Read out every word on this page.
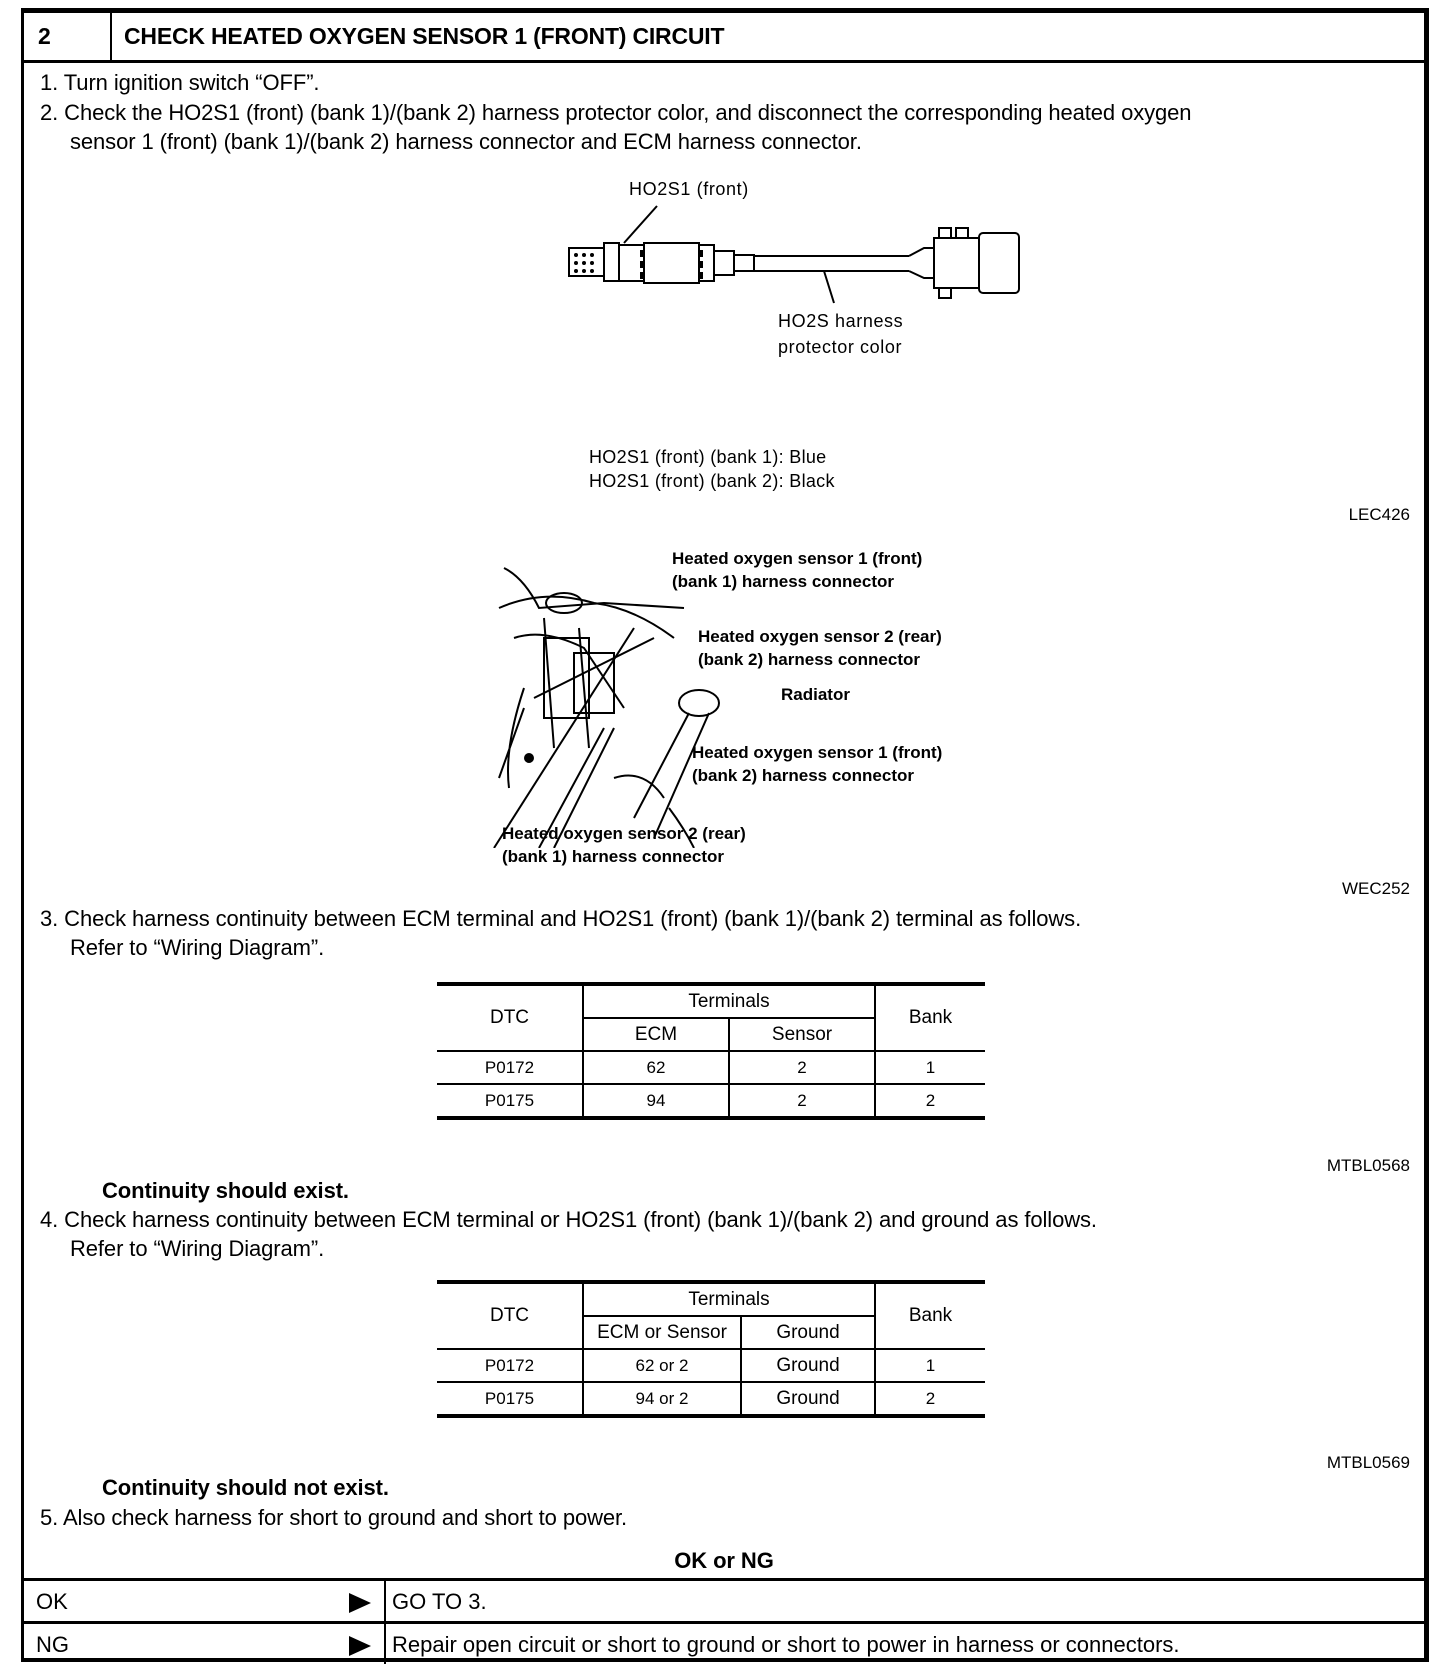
2	CHECK HEATED OXYGEN SENSOR 1 (FRONT) CIRCUIT
1. Turn ignition switch “OFF”.
2. Check the HO2S1 (front) (bank 1)/(bank 2) harness protector color, and disconnect the corresponding heated oxygen
sensor 1 (front) (bank 1)/(bank 2) harness connector and ECM harness connector.
HO2S1 (front)
HO2S harness
protector color
HO2S1 (front) (bank 1): Blue
HO2S1 (front) (bank 2): Black
LEC426
Heated oxygen sensor 1 (front)
(bank 1) harness connector
Heated oxygen sensor 2 (rear)
(bank 2) harness connector
Radiator
Heated oxygen sensor 1 (front)
(bank 2) harness connector
Heated oxygen sensor 2 (rear)
(bank 1) harness connector
WEC252
3. Check harness continuity between ECM terminal and HO2S1 (front) (bank 1)/(bank 2) terminal as follows.
Refer to “Wiring Diagram”.
DTC	Terminals		Bank
	ECM	Sensor	
P0172	62	2	1
P0175	94	2	2
MTBL0568
Continuity should exist.
4. Check harness continuity between ECM terminal or HO2S1 (front) (bank 1)/(bank 2) and ground as follows.
Refer to “Wiring Diagram”.
DTC	Terminals		Bank
	ECM or Sensor	Ground	
P0172	62 or 2	Ground	1
P0175	94 or 2	Ground	2
MTBL0569
Continuity should not exist.
5. Also check harness for short to ground and short to power.
OK or NG
OK	GO TO 3.
NG	Repair open circuit or short to ground or short to power in harness or connectors.
